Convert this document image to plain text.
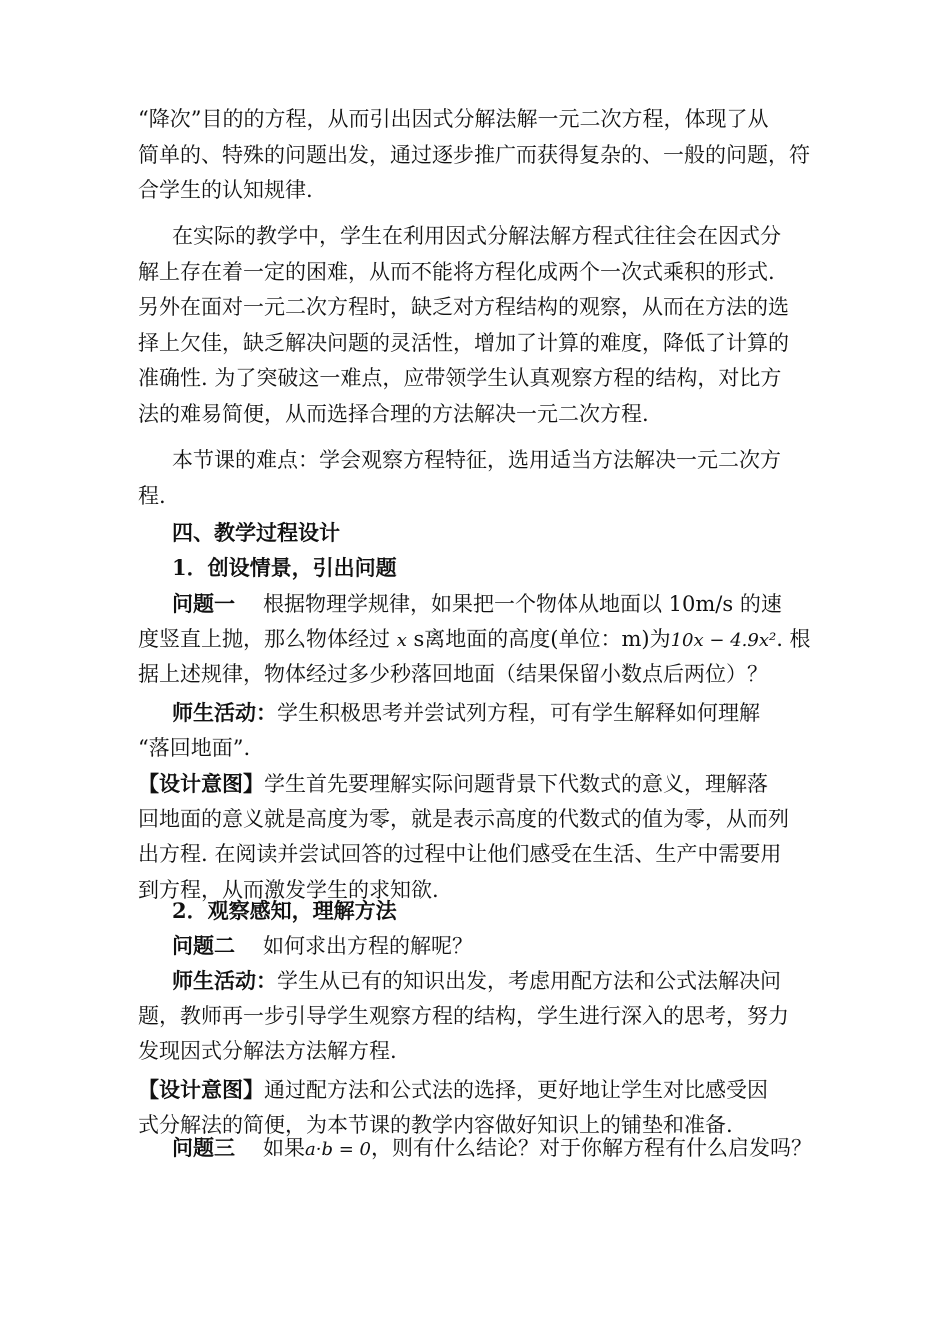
“降次”目的的方程，从而引出因式分解法解一元二次方程，体现了从
简单的、特殊的问题出发，通过逐步推广而获得复杂的、一般的问题，符
合学生的认知规律.
在实际的教学中，学生在利用因式分解法解方程式往往会在因式分
解上存在着一定的困难，从而不能将方程化成两个一次式乘积的形式.
另外在面对一元二次方程时，缺乏对方程结构的观察，从而在方法的选
择上欠佳，缺乏解决问题的灵活性，增加了计算的难度，降低了计算的
准确性. 为了突破这一难点，应带领学生认真观察方程的结构，对比方
法的难易简便，从而选择合理的方法解决一元二次方程.
本节课的难点：学会观察方程特征，选用适当方法解决一元二次方
程.
四、教学过程设计
1．创设情景，引出问题
问题一 根据物理学规律，如果把一个物体从地面以 10m/s 的速
度竖直上抛，那么物体经过 x s离地面的高度(单位：m)为10x − 4.9x². 根
据上述规律，物体经过多少秒落回地面（结果保留小数点后两位）？
师生活动：学生积极思考并尝试列方程，可有学生解释如何理解
“落回地面”.
【设计意图】学生首先要理解实际问题背景下代数式的意义，理解落
回地面的意义就是高度为零，就是表示高度的代数式的值为零，从而列
出方程. 在阅读并尝试回答的过程中让他们感受在生活、生产中需要用
到方程，从而激发学生的求知欲.
2．观察感知，理解方法
问题二 如何求出方程的解呢？
师生活动：学生从已有的知识出发，考虑用配方法和公式法解决问
题，教师再一步引导学生观察方程的结构，学生进行深入的思考，努力
发现因式分解法方法解方程.
【设计意图】通过配方法和公式法的选择，更好地让学生对比感受因
式分解法的简便，为本节课的教学内容做好知识上的铺垫和准备.
问题三 如果a·b = 0，则有什么结论？对于你解方程有什么启发吗？
